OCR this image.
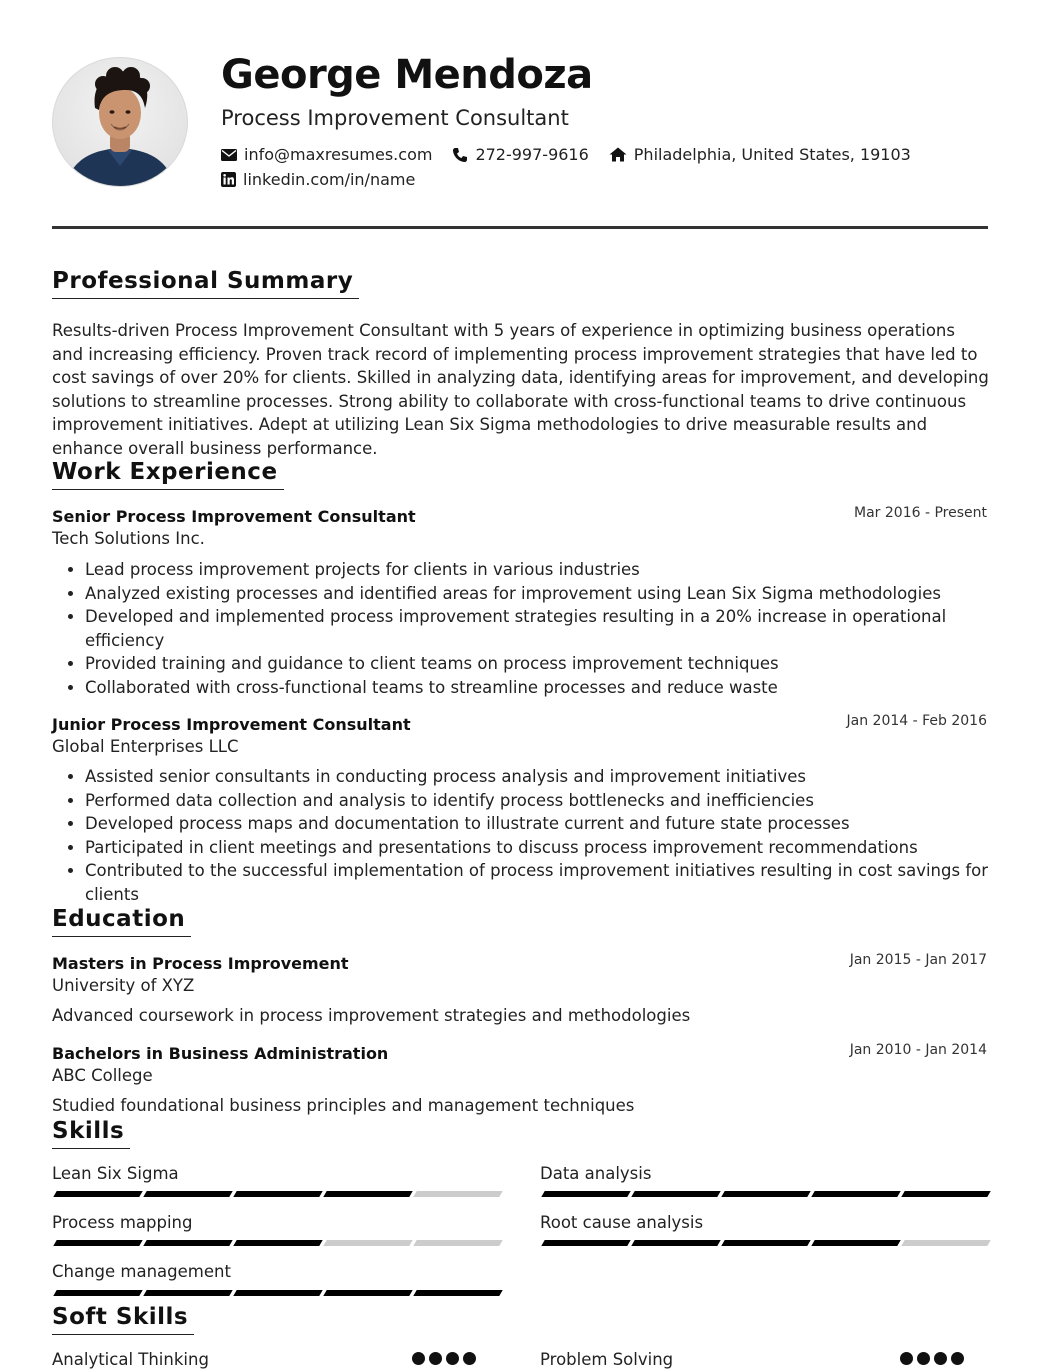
George Mendoza
Process Improvement Consultant
info@maxresumes.com	272-997-9616	Philadelphia, United States, 19103
linkedin.com/in/name
Professional Summary

Results-driven Process Improvement Consultant with 5 years of experience in optimizing business operations and increasing efficiency. Proven track record of implementing process improvement strategies that have led to cost savings of over 20% for clients. Skilled in analyzing data, identifying areas for improvement, and developing solutions to streamline processes. Strong ability to collaborate with cross-functional teams to drive continuous improvement initiatives. Adept at utilizing Lean Six Sigma methodologies to drive measurable results and enhance overall business performance.

Work Experience
Senior Process Improvement Consultant	Mar 2016 - Present
Tech Solutions Inc.
• Lead process improvement projects for clients in various industries
• Analyzed existing processes and identified areas for improvement using Lean Six Sigma methodologies
• Developed and implemented process improvement strategies resulting in a 20% increase in operational efficiency
• Provided training and guidance to client teams on process improvement techniques
• Collaborated with cross-functional teams to streamline processes and reduce waste
Junior Process Improvement Consultant	Jan 2014 - Feb 2016
Global Enterprises LLC
• Assisted senior consultants in conducting process analysis and improvement initiatives
• Performed data collection and analysis to identify process bottlenecks and inefficiencies
• Developed process maps and documentation to illustrate current and future state processes
• Participated in client meetings and presentations to discuss process improvement recommendations
• Contributed to the successful implementation of process improvement initiatives resulting in cost savings for clients
Education
Masters in Process Improvement	Jan 2015 - Jan 2017
University of XYZ
Advanced coursework in process improvement strategies and methodologies
Bachelors in Business Administration	Jan 2010 - Jan 2014
ABC College
Studied foundational business principles and management techniques
Skills
Lean Six Sigma	Data analysis
Process mapping	Root cause analysis
Change management
Soft Skills
Analytical Thinking	Problem Solving
